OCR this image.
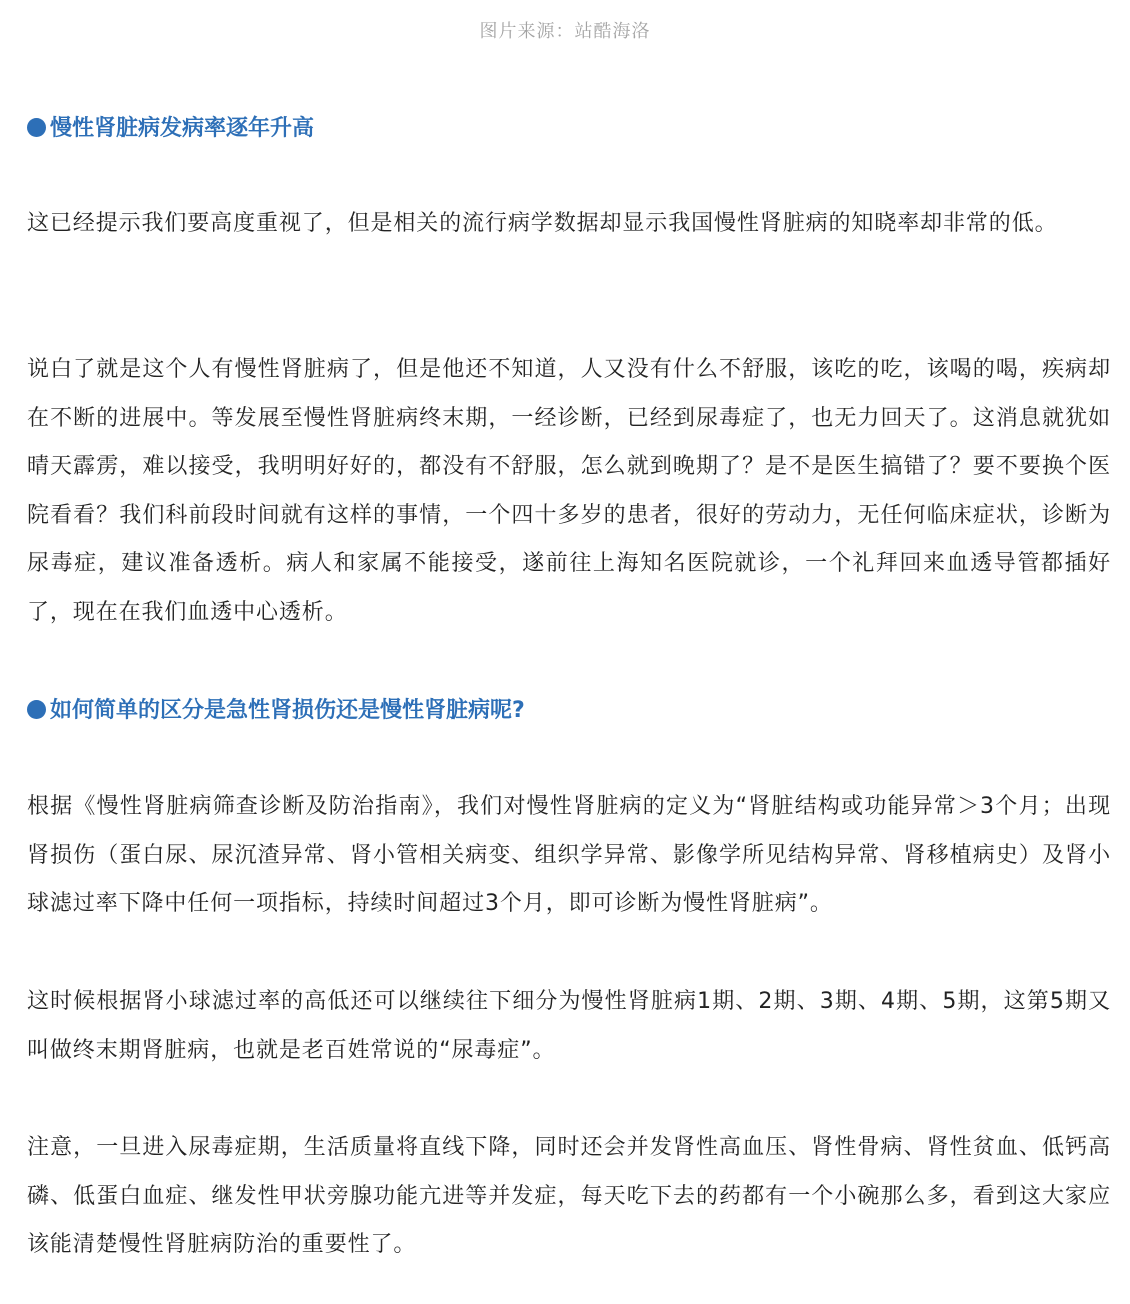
图片来源：站酷海洛
慢性肾脏病发病率逐年升高

这已经提示我们要高度重视了，但是相关的流行病学数据却显示我国慢性肾脏病的知晓率却非常的低。

说白了就是这个人有慢性肾脏病了，但是他还不知道，人又没有什么不舒服，该吃的吃，该喝的喝，疾病却在不断的进展中。等发展至慢性肾脏病终末期，一经诊断，已经到尿毒症了，也无力回天了。这消息就犹如晴天霹雳，难以接受，我明明好好的，都没有不舒服，怎么就到晚期了？是不是医生搞错了？要不要换个医院看看？我们科前段时间就有这样的事情，一个四十多岁的患者，很好的劳动力，无任何临床症状，诊断为尿毒症，建议准备透析。病人和家属不能接受，遂前往上海知名医院就诊，一个礼拜回来血透导管都插好了，现在在我们血透中心透析。

如何简单的区分是急性肾损伤还是慢性肾脏病呢?

根据《慢性肾脏病筛查诊断及防治指南》，我们对慢性肾脏病的定义为“肾脏结构或功能异常＞3个月；出现肾损伤（蛋白尿、尿沉渣异常、肾小管相关病变、组织学异常、影像学所见结构异常、肾移植病史）及肾小球滤过率下降中任何一项指标，持续时间超过3个月，即可诊断为慢性肾脏病”。

这时候根据肾小球滤过率的高低还可以继续往下细分为慢性肾脏病1期、2期、3期、4期、5期，这第5期又叫做终末期肾脏病，也就是老百姓常说的“尿毒症”。

注意，一旦进入尿毒症期，生活质量将直线下降，同时还会并发肾性高血压、肾性骨病、肾性贫血、低钙高磷、低蛋白血症、继发性甲状旁腺功能亢进等并发症，每天吃下去的药都有一个小碗那么多，看到这大家应该能清楚慢性肾脏病防治的重要性了。
